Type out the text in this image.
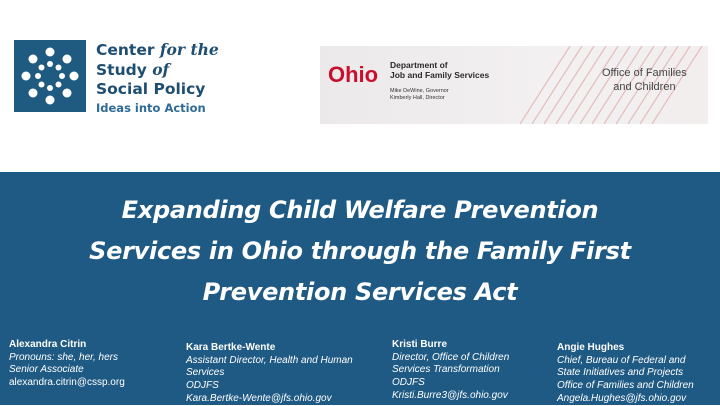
Center for the
Study of
Social Policy
Ideas into Action
Ohio Department of
Job and Family Services
Mike DeWine, Governor
Kimberly Hall, Director
Office of Families
and Children
Expanding Child Welfare Prevention
Services in Ohio through the Family First
Prevention Services Act
Alexandra Citrin
Pronouns: she, her, hers
Senior Associate
alexandra.citrin@cssp.org
Kara Bertke-Wente
Assistant Director, Health and Human
Services
ODJFS
Kara.Bertke-Wente@jfs.ohio.gov
Kristi Burre
Director, Office of Children
Services Transformation
ODJFS
Kristi.Burre3@jfs.ohio.gov
Angie Hughes
Chief, Bureau of Federal and
State Initiatives and Projects
Office of Families and Children
Angela.Hughes@jfs.ohio.gov
